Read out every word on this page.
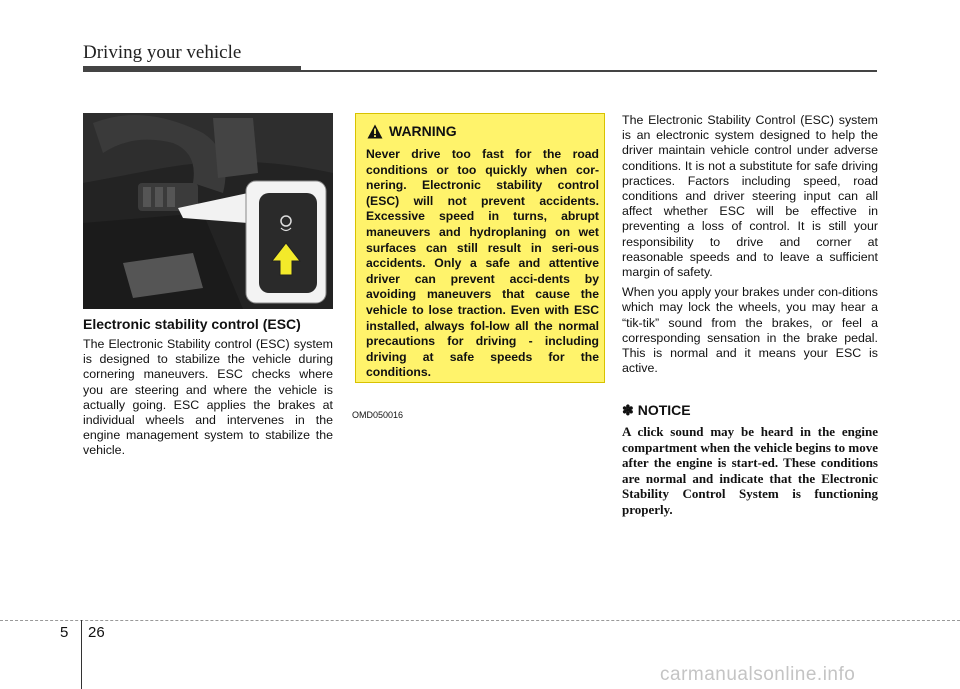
Driving your vehicle
OMD050016
Electronic stability control (ESC)
The Electronic Stability control (ESC) system is designed to stabilize the vehicle during cornering maneuvers. ESC checks where you are steering and where the vehicle is actually going. ESC applies the brakes at individual wheels and intervenes in the engine management system to stabilize the vehicle.
WARNING
Never drive too fast for the road conditions or too quickly when cor-nering. Electronic stability control (ESC) will not prevent accidents. Excessive speed in turns, abrupt maneuvers and hydroplaning on wet surfaces can still result in seri-ous accidents. Only a safe and attentive driver can prevent acci-dents by avoiding maneuvers that cause the vehicle to lose traction. Even with ESC installed, always fol-low all the normal precautions for driving - including driving at safe speeds for the conditions.

The Electronic Stability Control (ESC) system is an electronic system designed to help the driver maintain vehicle control under adverse conditions. It is not a substitute for safe driving practices. Factors including speed, road conditions and driver steering input can all affect whether ESC will be effective in preventing a loss of control. It is still your responsibility to drive and corner at reasonable speeds and to leave a sufficient margin of safety.

When you apply your brakes under con-ditions which may lock the wheels, you may hear a “tik-tik” sound from the brakes, or feel a corresponding sensation in the brake pedal. This is normal and it means your ESC is active.

✽ NOTICE
A click sound may be heard in the engine compartment when the vehicle begins to move after the engine is start-ed. These conditions are normal and indicate that the Electronic Stability Control System is functioning properly.
5 26
carmanualsonline.info
